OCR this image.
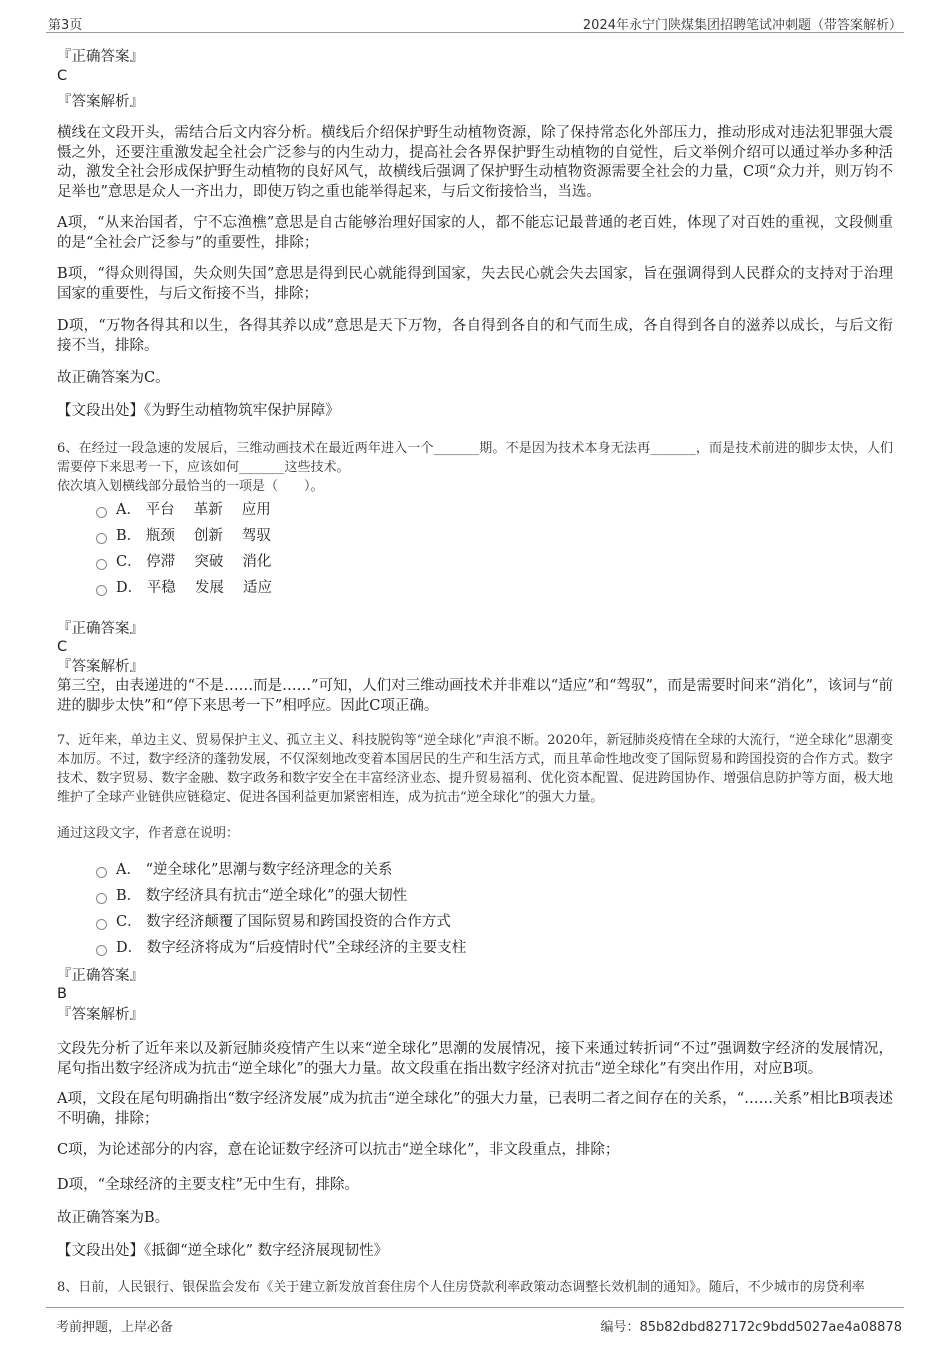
第3页	2024年永宁门陕煤集团招聘笔试冲刺题（带答案解析）
『正确答案』
C
『答案解析』
横线在文段开头，需结合后文内容分析。横线后介绍保护野生动植物资源，除了保持常态化外部压力，推动形成对违法犯罪强大震慑之外，还要注重激发起全社会广泛参与的内生动力，提高社会各界保护野生动植物的自觉性，后文举例介绍可以通过举办多种活动，激发全社会形成保护野生动植物的良好风气，故横线后强调了保护野生动植物资源需要全社会的力量，C项“众力并，则万钧不足举也”意思是众人一齐出力，即使万钧之重也能举得起来，与后文衔接恰当，当选。
A项，“从来治国者，宁不忘渔樵”意思是自古能够治理好国家的人，都不能忘记最普通的老百姓，体现了对百姓的重视，文段侧重的是“全社会广泛参与”的重要性，排除；
B项，“得众则得国，失众则失国”意思是得到民心就能得到国家，失去民心就会失去国家，旨在强调得到人民群众的支持对于治理国家的重要性，与后文衔接不当，排除；
D项，“万物各得其和以生，各得其养以成”意思是天下万物，各自得到各自的和气而生成，各自得到各自的滋养以成长，与后文衔接不当，排除。
故正确答案为C。
【文段出处】《为野生动植物筑牢保护屏障》
6、在经过一段急速的发展后，三维动画技术在最近两年进入一个_______期。不是因为技术本身无法再_______，而是技术前进的脚步太快，人们需要停下来思考一下，应该如何_______这些技术。
依次填入划横线部分最恰当的一项是（　　）。
A． 平台　 革新　 应用
B． 瓶颈　 创新　 驾驭
C． 停滞　 突破　 消化
D． 平稳　 发展　 适应
『正确答案』
C
『答案解析』
第三空，由表递进的“不是……而是……”可知，人们对三维动画技术并非难以“适应”和“驾驭”，而是需要时间来“消化”，该词与“前进的脚步太快”和“停下来思考一下”相呼应。因此C项正确。
7、近年来，单边主义、贸易保护主义、孤立主义、科技脱钩等“逆全球化”声浪不断。2020年，新冠肺炎疫情在全球的大流行，“逆全球化”思潮变本加厉。不过，数字经济的蓬勃发展，不仅深刻地改变着本国居民的生产和生活方式，而且革命性地改变了国际贸易和跨国投资的合作方式。数字技术、数字贸易、数字金融、数字政务和数字安全在丰富经济业态、提升贸易福利、优化资本配置、促进跨国协作、增强信息防护等方面，极大地维护了全球产业链供应链稳定、促进各国利益更加紧密相连，成为抗击“逆全球化”的强大力量。
通过这段文字，作者意在说明：
A． “逆全球化”思潮与数字经济理念的关系
B． 数字经济具有抗击“逆全球化”的强大韧性
C． 数字经济颠覆了国际贸易和跨国投资的合作方式
D． 数字经济将成为“后疫情时代”全球经济的主要支柱
『正确答案』
B
『答案解析』
文段先分析了近年来以及新冠肺炎疫情产生以来“逆全球化”思潮的发展情况，接下来通过转折词“不过”强调数字经济的发展情况，尾句指出数字经济成为抗击“逆全球化”的强大力量。故文段重在指出数字经济对抗击“逆全球化”有突出作用，对应B项。
A项，文段在尾句明确指出“数字经济发展”成为抗击“逆全球化”的强大力量，已表明二者之间存在的关系，“……关系”相比B项表述不明确，排除；
C项，为论述部分的内容，意在论证数字经济可以抗击“逆全球化”，非文段重点，排除；
D项，“全球经济的主要支柱”无中生有，排除。
故正确答案为B。
【文段出处】《抵御“逆全球化” 数字经济展现韧性》
8、日前，人民银行、银保监会发布《关于建立新发放首套住房个人住房贷款利率政策动态调整长效机制的通知》。随后，不少城市的房贷利率
考前押题，上岸必备	编号：85b82dbd827172c9bdd5027ae4a08878
